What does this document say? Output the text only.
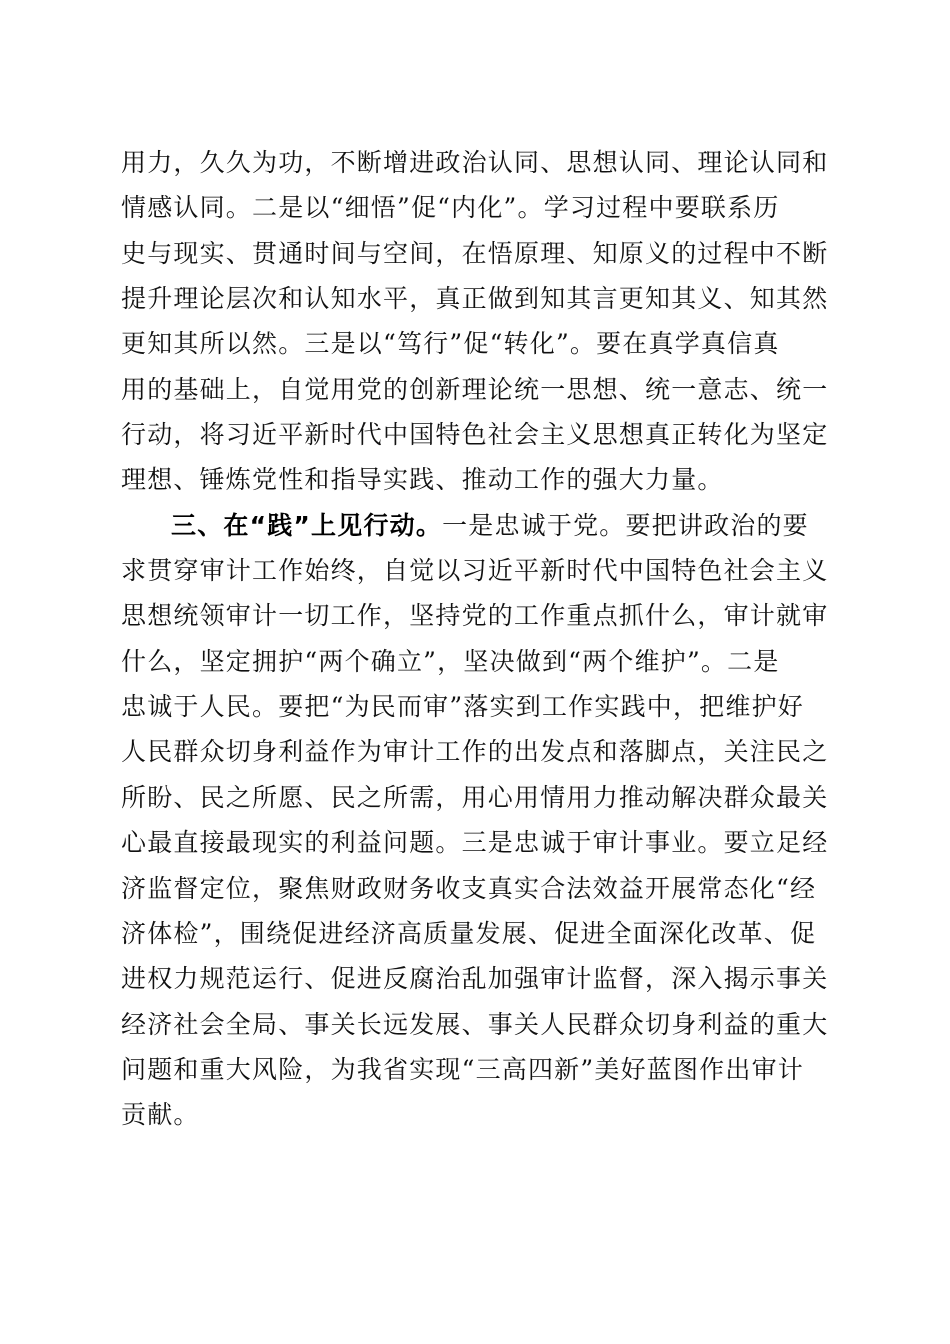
用力，久久为功，不断增进政治认同、思想认同、理论认同和
情感认同。二是以“细悟”促“内化”。学习过程中要联系历
史与现实、贯通时间与空间，在悟原理、知原义的过程中不断
提升理论层次和认知水平，真正做到知其言更知其义、知其然
更知其所以然。三是以“笃行”促“转化”。要在真学真信真
用的基础上，自觉用党的创新理论统一思想、统一意志、统一
行动，将习近平新时代中国特色社会主义思想真正转化为坚定
理想、锤炼党性和指导实践、推动工作的强大力量。
三、在“践”上见行动。一是忠诚于党。要把讲政治的要
求贯穿审计工作始终，自觉以习近平新时代中国特色社会主义
思想统领审计一切工作，坚持党的工作重点抓什么，审计就审
什么，坚定拥护“两个确立”，坚决做到“两个维护”。二是
忠诚于人民。要把“为民而审”落实到工作实践中，把维护好
人民群众切身利益作为审计工作的出发点和落脚点，关注民之
所盼、民之所愿、民之所需，用心用情用力推动解决群众最关
心最直接最现实的利益问题。三是忠诚于审计事业。要立足经
济监督定位，聚焦财政财务收支真实合法效益开展常态化“经
济体检”，围绕促进经济高质量发展、促进全面深化改革、促
进权力规范运行、促进反腐治乱加强审计监督，深入揭示事关
经济社会全局、事关长远发展、事关人民群众切身利益的重大
问题和重大风险，为我省实现“三高四新”美好蓝图作出审计
贡献。
